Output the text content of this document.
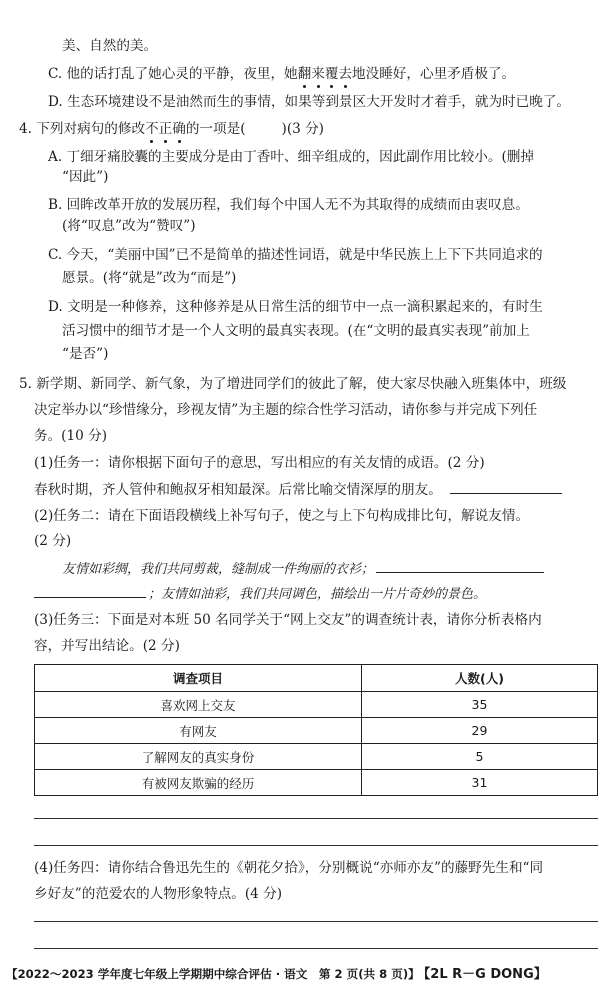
美、自然的美。
C. 他的话打乱了她心灵的平静，夜里，她翻来覆去地没睡好，心里矛盾极了。
D. 生态环境建设不是油然而生的事情，如果等到景区大开发时才着手，就为时已晚了。
4. 下列对病句的修改不正确的一项是(	)(3 分)
A. 丁细牙痛胶囊的主要成分是由丁香叶、细辛组成的，因此副作用比较小。(删掉
“因此”)
B. 回眸改革开放的发展历程，我们每个中国人无不为其取得的成绩而由衷叹息。
(将“叹息”改为“赞叹”)
C. 今天，“美丽中国”已不是简单的描述性词语，就是中华民族上上下下共同追求的
愿景。(将“就是”改为“而是”)
D. 文明是一种修养，这种修养是从日常生活的细节中一点一滴积累起来的，有时生
活习惯中的细节才是一个人文明的最真实表现。(在“文明的最真实表现”前加上
“是否”)
5. 新学期、新同学、新气象，为了增进同学们的彼此了解，使大家尽快融入班集体中，班级
决定举办以“珍惜缘分，珍视友情”为主题的综合性学习活动，请你参与并完成下列任
务。(10 分)
(1)任务一：请你根据下面句子的意思，写出相应的有关友情的成语。(2 分)
春秋时期，齐人管仲和鲍叔牙相知最深。后常比喻交情深厚的朋友。
(2)任务二：请在下面语段横线上补写句子，使之与上下句构成排比句，解说友情。
(2 分)
友情如彩绸，我们共同剪裁，缝制成一件绚丽的衣衫；
；友情如油彩，我们共同调色，描绘出一片片奇妙的景色。
(3)任务三：下面是对本班 50 名同学关于“网上交友”的调查统计表，请你分析表格内
容，并写出结论。(2 分)
调查项目	人数(人)
喜欢网上交友	35
有网友	29
了解网友的真实身份	5
有被网友欺骗的经历	31
(4)任务四：请你结合鲁迅先生的《朝花夕拾》，分别概说“亦师亦友”的藤野先生和“同
乡好友”的范爱农的人物形象特点。(4 分)
【2022～2023 学年度七年级上学期期中综合评估 · 语文　第 2 页(共 8 页)】 【2L R－G DONG】
